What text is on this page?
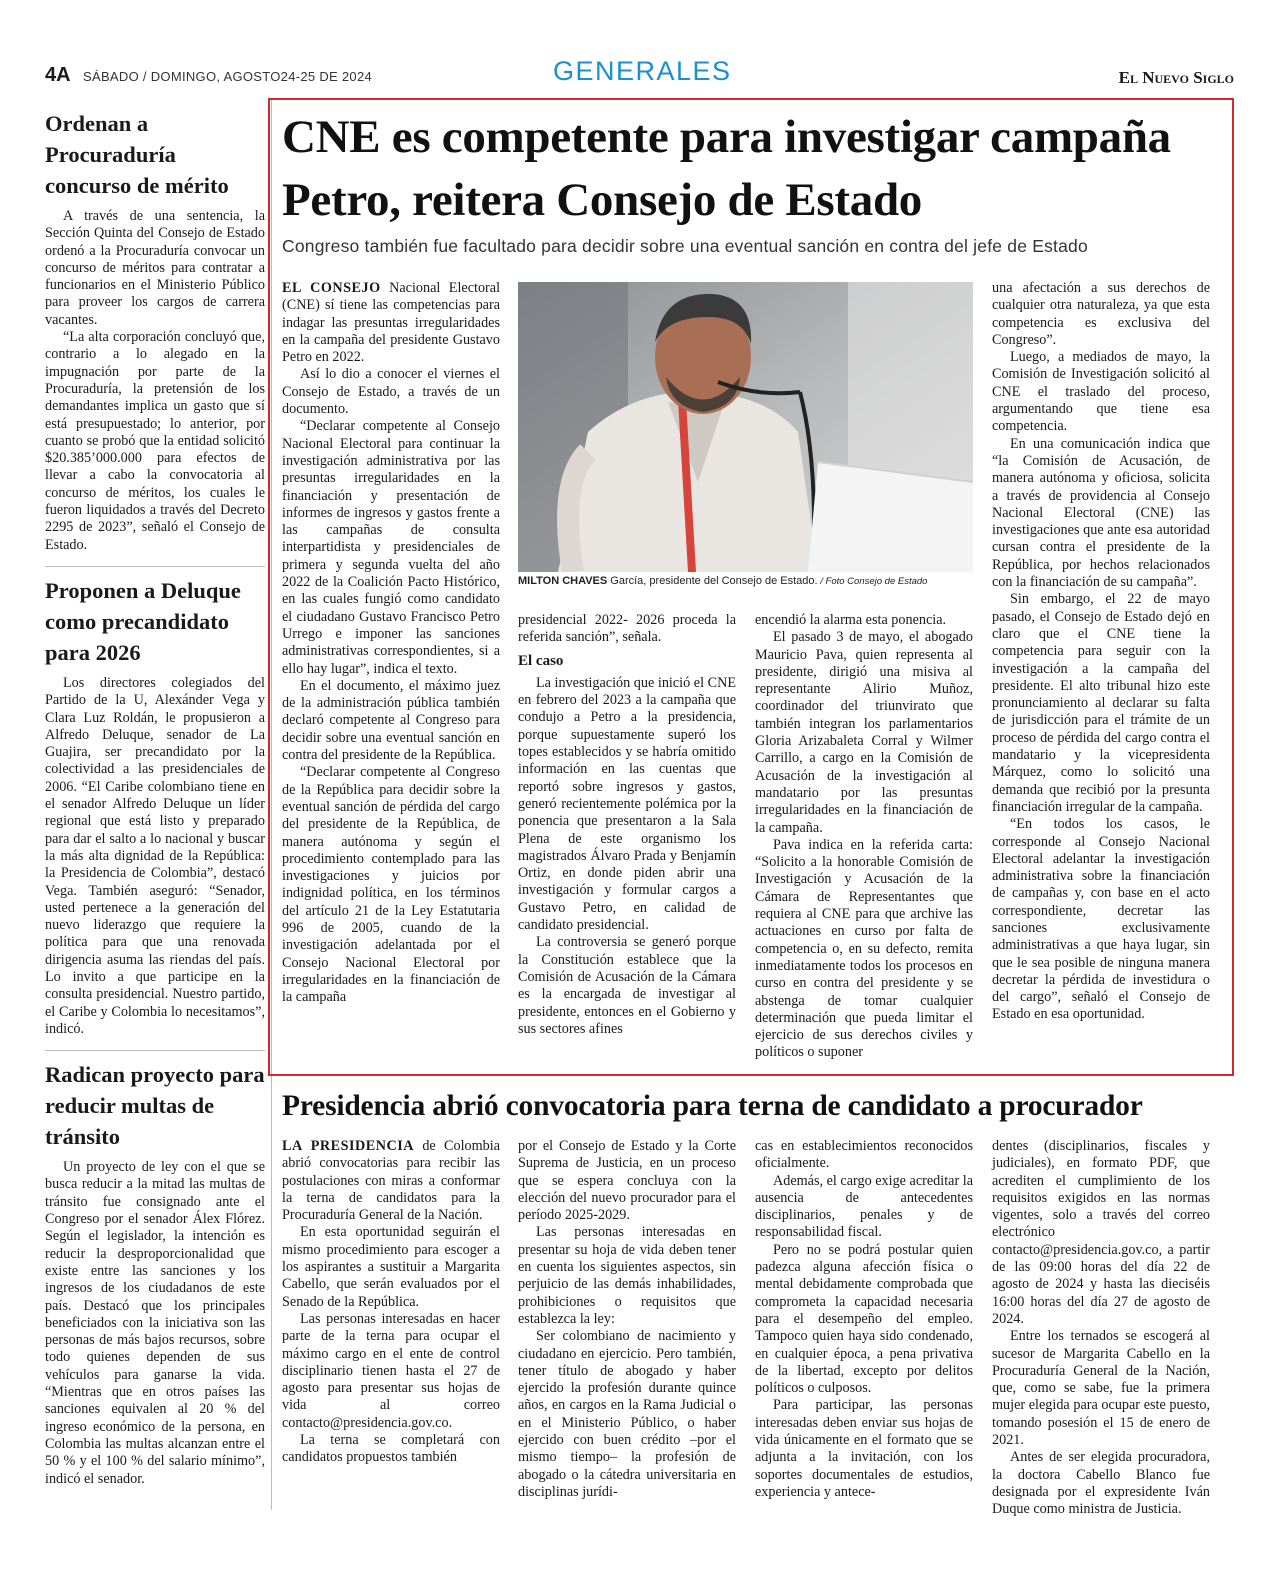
4A SÁBADO / DOMINGO, AGOSTO24-25 DE 2024	GENERALES	El Nuevo Siglo
Ordenan a Procuraduría concurso de mérito

A través de una sentencia, la Sección Quinta del Consejo de Estado ordenó a la Procuraduría convocar un concurso de méritos para contratar a funcionarios en el Ministerio Público para proveer los cargos de carrera vacantes.

“La alta corporación concluyó que, contrario a lo alegado en la impugnación por parte de la Procuraduría, la pretensión de los demandantes implica un gasto que sí está presupuestado; lo anterior, por cuanto se probó que la entidad solicitó $20.385’000.000 para efectos de llevar a cabo la convocatoria al concurso de méritos, los cuales le fueron liquidados a través del Decreto 2295 de 2023”, señaló el Consejo de Estado.

Proponen a Deluque como precandidato para 2026

Los directores colegiados del Partido de la U, Alexánder Vega y Clara Luz Roldán, le propusieron a Alfredo Deluque, senador de La Guajira, ser precandidato por la colectividad a las presidenciales de 2006. “El Caribe colombiano tiene en el senador Alfredo Deluque un líder regional que está listo y preparado para dar el salto a lo nacional y buscar la más alta dignidad de la República: la Presidencia de Colombia”, destacó Vega. También aseguró: “Senador, usted pertenece a la generación del nuevo liderazgo que requiere la política para que una renovada dirigencia asuma las riendas del país. Lo invito a que participe en la consulta presidencial. Nuestro partido, el Caribe y Colombia lo necesitamos”, indicó.

Radican proyecto para reducir multas de tránsito

Un proyecto de ley con el que se busca reducir a la mitad las multas de tránsito fue consignado ante el Congreso por el senador Álex Flórez. Según el legislador, la intención es reducir la desproporcionalidad que existe entre las sanciones y los ingresos de los ciudadanos de este país. Destacó que los principales beneficiados con la iniciativa son las personas de más bajos recursos, sobre todo quienes dependen de sus vehículos para ganarse la vida. “Mientras que en otros países las sanciones equivalen al 20 % del ingreso económico de la persona, en Colombia las multas alcanzan entre el 50 % y el 100 % del salario mínimo”, indicó el senador.

CNE es competente para investigar campaña Petro, reitera Consejo de Estado
Congreso también fue facultado para decidir sobre una eventual sanción en contra del jefe de Estado

EL CONSEJO Nacional Electoral (CNE) sí tiene las competencias para indagar las presuntas irregularidades en la campaña del presidente Gustavo Petro en 2022.

Así lo dio a conocer el viernes el Consejo de Estado, a través de un documento.

“Declarar competente al Consejo Nacional Electoral para continuar la investigación administrativa por las presuntas irregularidades en la financiación y presentación de informes de ingresos y gastos frente a las campañas de consulta interpartidista y presidenciales de primera y segunda vuelta del año 2022 de la Coalición Pacto Histórico, en las cuales fungió como candidato el ciudadano Gustavo Francisco Petro Urrego e imponer las sanciones administrativas correspondientes, si a ello hay lugar”, indica el texto.

En el documento, el máximo juez de la administración pública también declaró competente al Congreso para decidir sobre una eventual sanción en contra del presidente de la República.

“Declarar competente al Congreso de la República para decidir sobre la eventual sanción de pérdida del cargo del presidente de la República, de manera autónoma y según el procedimiento contemplado para las investigaciones y juicios por indignidad política, en los términos del artículo 21 de la Ley Estatutaria 996 de 2005, cuando de la investigación adelantada por el Consejo Nacional Electoral por irregularidades en la financiación de la campaña

MILTON CHAVES García, presidente del Consejo de Estado. / Foto Consejo de Estado

presidencial 2022- 2026 proceda la referida sanción”, señala.

El caso

La investigación que inició el CNE en febrero del 2023 a la campaña que condujo a Petro a la presidencia, porque supuestamente superó los topes establecidos y se habría omitido información en las cuentas que reportó sobre ingresos y gastos, generó recientemente polémica por la ponencia que presentaron a la Sala Plena de este organismo los magistrados Álvaro Prada y Benjamín Ortiz, en donde piden abrir una investigación y formular cargos a Gustavo Petro, en calidad de candidato presidencial.

La controversia se generó porque la Constitución establece que la Comisión de Acusación de la Cámara es la encargada de investigar al presidente, entonces en el Gobierno y sus sectores afines

encendió la alarma esta ponencia.

El pasado 3 de mayo, el abogado Mauricio Pava, quien representa al presidente, dirigió una misiva al representante Alirio Muñoz, coordinador del triunvirato que también integran los parlamentarios Gloria Arizabaleta Corral y Wilmer Carrillo, a cargo en la Comisión de Acusación de la investigación al mandatario por las presuntas irregularidades en la financiación de la campaña.

Pava indica en la referida carta: “Solicito a la honorable Comisión de Investigación y Acusación de la Cámara de Representantes que requiera al CNE para que archive las actuaciones en curso por falta de competencia o, en su defecto, remita inmediatamente todos los procesos en curso en contra del presidente y se abstenga de tomar cualquier determinación que pueda limitar el ejercicio de sus derechos civiles y políticos o suponer

una afectación a sus derechos de cualquier otra naturaleza, ya que esta competencia es exclusiva del Congreso”.

Luego, a mediados de mayo, la Comisión de Investigación solicitó al CNE el traslado del proceso, argumentando que tiene esa competencia.

En una comunicación indica que “la Comisión de Acusación, de manera autónoma y oficiosa, solicita a través de providencia al Consejo Nacional Electoral (CNE) las investigaciones que ante esa autoridad cursan contra el presidente de la República, por hechos relacionados con la financiación de su campaña”.

Sin embargo, el 22 de mayo pasado, el Consejo de Estado dejó en claro que el CNE tiene la competencia para seguir con la investigación a la campaña del presidente. El alto tribunal hizo este pronunciamiento al declarar su falta de jurisdicción para el trámite de un proceso de pérdida del cargo contra el mandatario y la vicepresidenta Márquez, como lo solicitó una demanda que recibió por la presunta financiación irregular de la campaña.

“En todos los casos, le corresponde al Consejo Nacional Electoral adelantar la investigación administrativa sobre la financiación de campañas y, con base en el acto correspondiente, decretar las sanciones exclusivamente administrativas a que haya lugar, sin que le sea posible de ninguna manera decretar la pérdida de investidura o del cargo”, señaló el Consejo de Estado en esa oportunidad.

Presidencia abrió convocatoria para terna de candidato a procurador

LA PRESIDENCIA de Colombia abrió convocatorias para recibir las postulaciones con miras a conformar la terna de candidatos para la Procuraduría General de la Nación.

En esta oportunidad seguirán el mismo procedimiento para escoger a los aspirantes a sustituir a Margarita Cabello, que serán evaluados por el Senado de la República.

Las personas interesadas en hacer parte de la terna para ocupar el máximo cargo en el ente de control disciplinario tienen hasta el 27 de agosto para presentar sus hojas de vida al correo contacto@presidencia.gov.co.

La terna se completará con candidatos propuestos también

por el Consejo de Estado y la Corte Suprema de Justicia, en un proceso que se espera concluya con la elección del nuevo procurador para el período 2025-2029.

Las personas interesadas en presentar su hoja de vida deben tener en cuenta los siguientes aspectos, sin perjuicio de las demás inhabilidades, prohibiciones o requisitos que establezca la ley:

Ser colombiano de nacimiento y ciudadano en ejercicio. Pero también, tener título de abogado y haber ejercido la profesión durante quince años, en cargos en la Rama Judicial o en el Ministerio Público, o haber ejercido con buen crédito –por el mismo tiempo– la profesión de abogado o la cátedra universitaria en disciplinas jurídi-

cas en establecimientos reconocidos oficialmente.

Además, el cargo exige acreditar la ausencia de antecedentes disciplinarios, penales y de responsabilidad fiscal.

Pero no se podrá postular quien padezca alguna afección física o mental debidamente comprobada que comprometa la capacidad necesaria para el desempeño del empleo. Tampoco quien haya sido condenado, en cualquier época, a pena privativa de la libertad, excepto por delitos políticos o culposos.

Para participar, las personas interesadas deben enviar sus hojas de vida únicamente en el formato que se adjunta a la invitación, con los soportes documentales de estudios, experiencia y antece-

dentes (disciplinarios, fiscales y judiciales), en formato PDF, que acrediten el cumplimiento de los requisitos exigidos en las normas vigentes, solo a través del correo electrónico contacto@presidencia.gov.co, a partir de las 09:00 horas del día 22 de agosto de 2024 y hasta las dieciséis 16:00 horas del día 27 de agosto de 2024.

Entre los ternados se escogerá al sucesor de Margarita Cabello en la Procuraduría General de la Nación, que, como se sabe, fue la primera mujer elegida para ocupar este puesto, tomando posesión el 15 de enero de 2021.

Antes de ser elegida procuradora, la doctora Cabello Blanco fue designada por el expresidente Iván Duque como ministra de Justicia.
